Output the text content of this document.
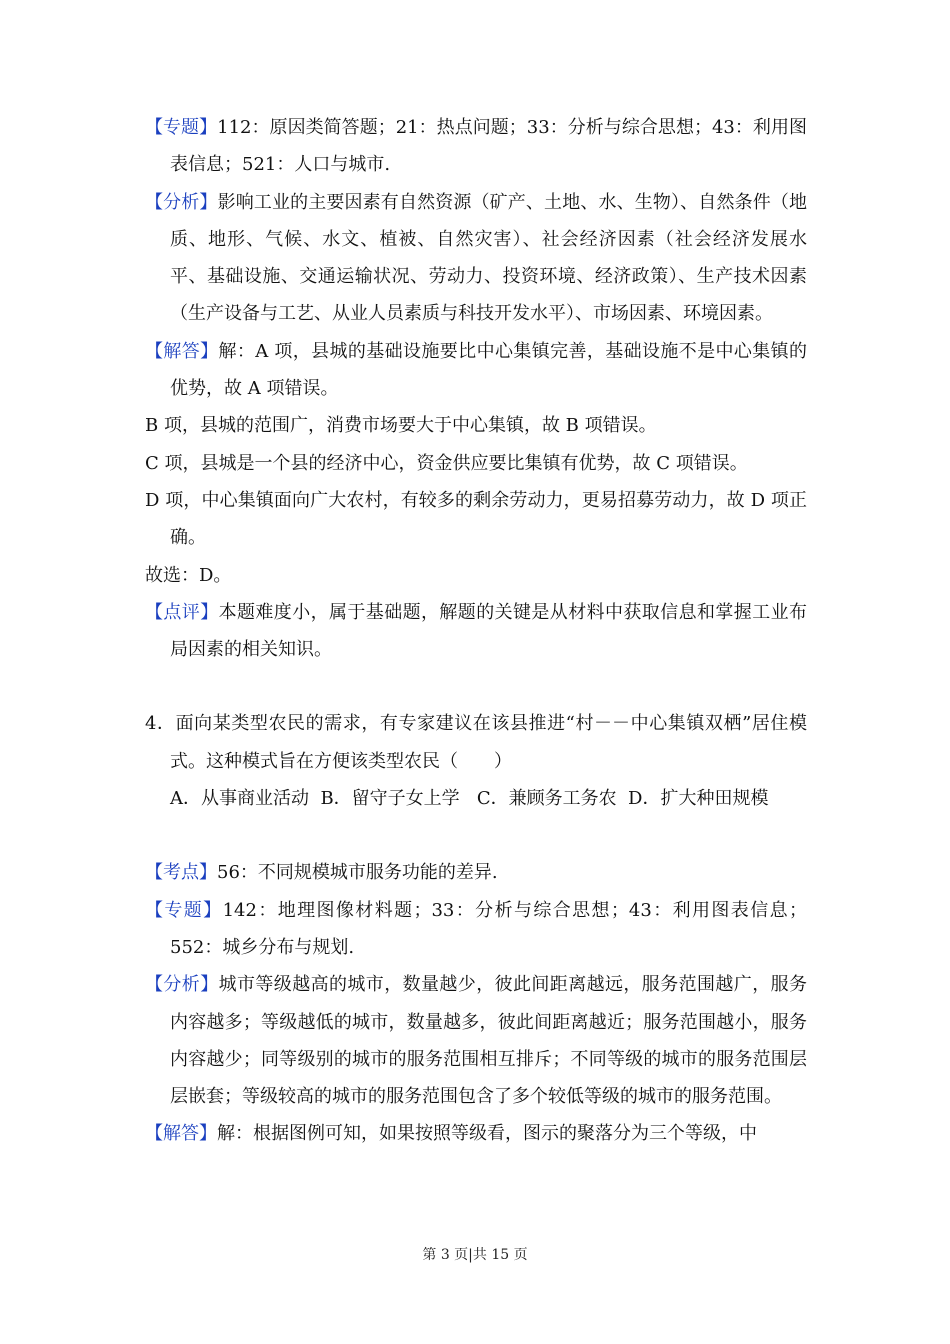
【专题】112：原因类简答题；21：热点问题；33：分析与综合思想；43：利用图表信息；521：人口与城市.
【分析】影响工业的主要因素有自然资源（矿产、土地、水、生物）、自然条件（地质、地形、气候、水文、植被、自然灾害）、社会经济因素（社会经济发展水平、基础设施、交通运输状况、劳动力、投资环境、经济政策）、生产技术因素（生产设备与工艺、从业人员素质与科技开发水平）、市场因素、环境因素。
【解答】解：A 项，县城的基础设施要比中心集镇完善，基础设施不是中心集镇的优势，故 A 项错误。
B 项，县城的范围广，消费市场要大于中心集镇，故 B 项错误。
C 项，县城是一个县的经济中心，资金供应要比集镇有优势，故 C 项错误。
D 项，中心集镇面向广大农村，有较多的剩余劳动力，更易招募劳动力，故 D 项正确。
故选：D。
【点评】本题难度小，属于基础题，解题的关键是从材料中获取信息和掌握工业布局因素的相关知识。
4．面向某类型农民的需求，有专家建议在该县推进“村－－中心集镇双栖”居住模式。这种模式旨在方便该类型农民（　　）
A．从事商业活动  B．留守子女上学   C．兼顾务工务农  D．扩大种田规模
【考点】56：不同规模城市服务功能的差异.
【专题】142：地理图像材料题；33：分析与综合思想；43：利用图表信息；552：城乡分布与规划.
【分析】城市等级越高的城市，数量越少，彼此间距离越远，服务范围越广，服务内容越多；等级越低的城市，数量越多，彼此间距离越近；服务范围越小，服务内容越少；同等级别的城市的服务范围相互排斥；不同等级的城市的服务范围层层嵌套；等级较高的城市的服务范围包含了多个较低等级的城市的服务范围。
【解答】解：根据图例可知，如果按照等级看，图示的聚落分为三个等级，中
第 3 页|共 15 页
